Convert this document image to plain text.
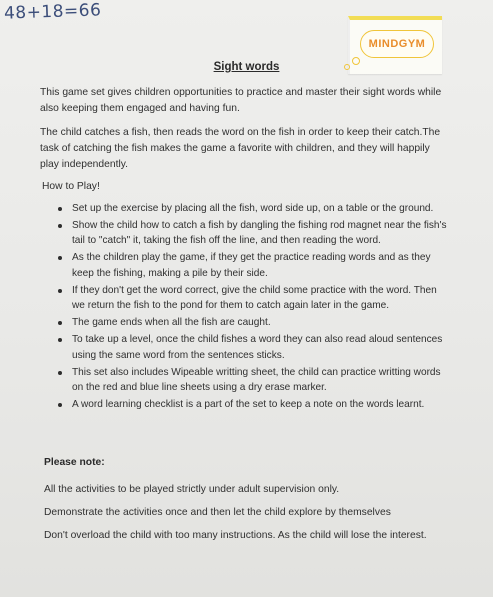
48+18=66
MINDGYM
Sight words
This game set gives children opportunities to practice and master their sight words while also keeping them engaged and having fun.
The child catches a fish, then reads the word on the fish in order to keep their catch.The task of catching the fish makes the game a favorite with children, and they will happily play independently.
How to Play!
Set up the exercise by placing all the fish, word side up, on a table or the ground.
Show the child how to catch a fish by dangling the fishing rod magnet near the fish's tail to "catch" it, taking the fish off the line, and then reading the word.
As the children play the game, if they get the practice reading words and as they keep the fishing, making a pile by their side.
If they don't get the word correct, give the child some practice with the word. Then we return the fish to the pond for them to catch again later in the game.
The game ends when all the fish are caught.
To take up a level, once the child fishes a word they can also read aloud sentences using the same word from the sentences sticks.
This set also includes Wipeable writting sheet, the child can practice writting words on the red and blue line sheets using a dry erase marker.
A word learning checklist is a part of the set to keep a note on the words learnt.
Please note:
All the activities to be played strictly under adult supervision only.
Demonstrate the activities once and then let the child explore by themselves
Don't overload the child with too many instructions. As the child will lose the interest.
